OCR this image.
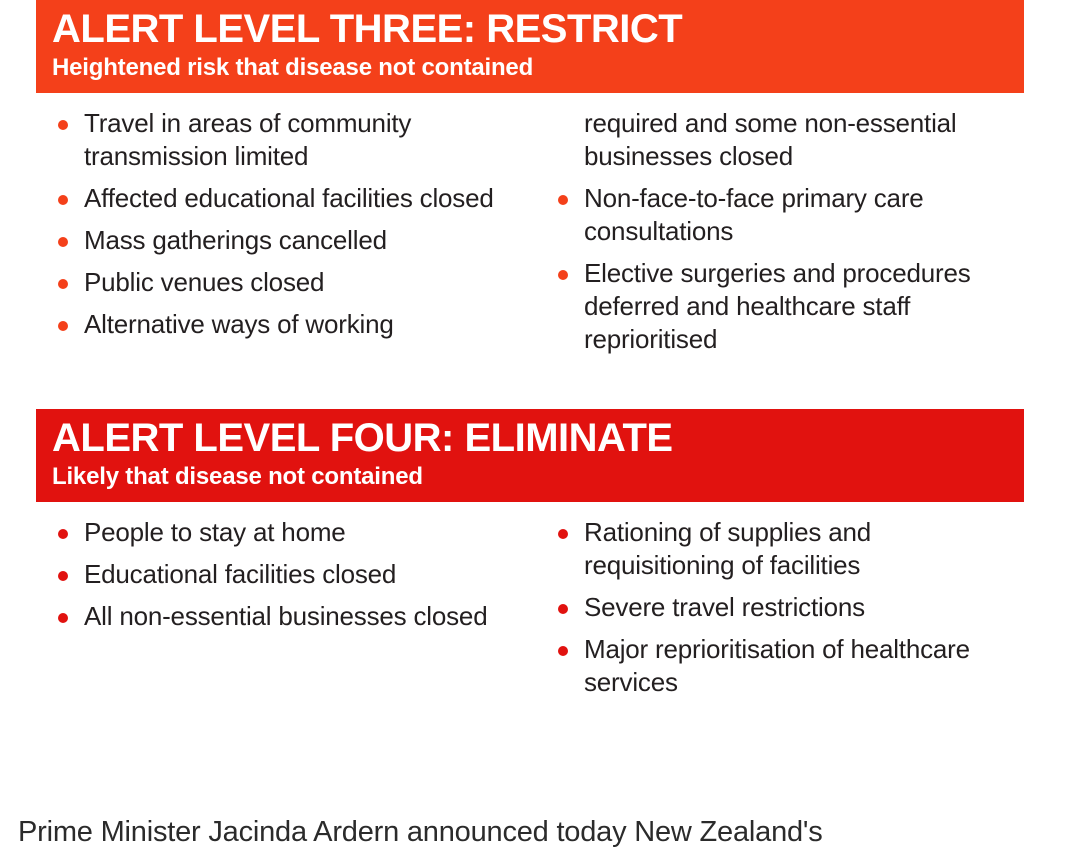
ALERT LEVEL THREE: RESTRICT
Heightened risk that disease not contained
Travel in areas of community transmission limited
Affected educational facilities closed
Mass gatherings cancelled
Public venues closed
Alternative ways of working
required and some non-essential businesses closed
Non-face-to-face primary care consultations
Elective surgeries and procedures deferred and healthcare staff reprioritised
ALERT LEVEL FOUR: ELIMINATE
Likely that disease not contained
People to stay at home
Educational facilities closed
All non-essential businesses closed
Rationing of supplies and requisitioning of facilities
Severe travel restrictions
Major reprioritisation of healthcare services
Prime Minister Jacinda Ardern announced today New Zealand's
